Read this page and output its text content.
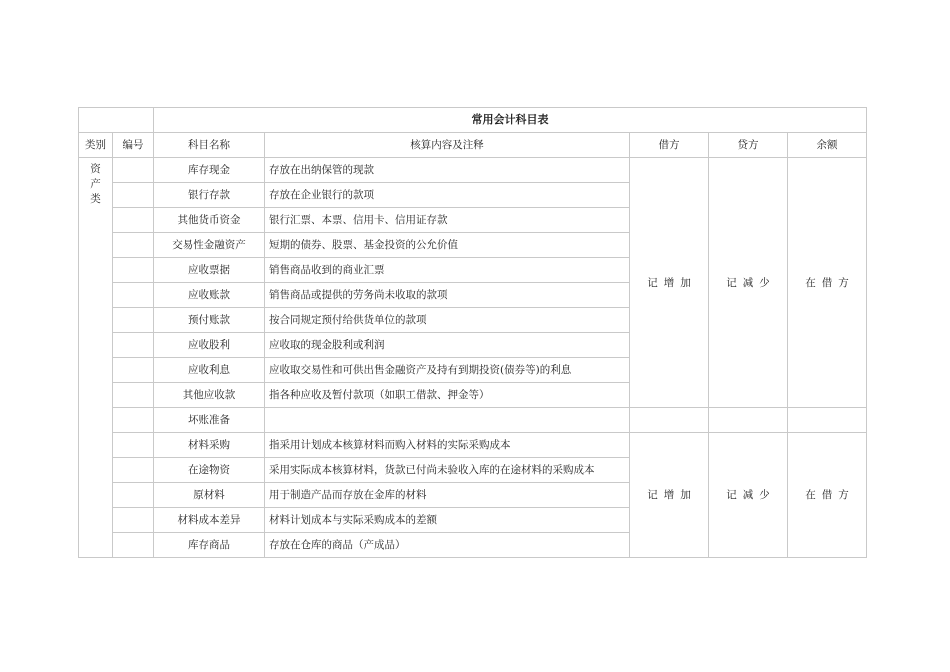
		常用会计科目表				
类别	编号	科目名称	核算内容及注释	借方	贷方	余额

资
产
类		库存现金	存放在出纳保管的现款	记增加	记减少	在借方
		银行存款	存放在企业银行的款项			
		其他货币资金	银行汇票、本票、信用卡、信用证存款			
		交易性金融资产	短期的债券、股票、基金投资的公允价值			
		应收票据	销售商品收到的商业汇票			
		应收账款	销售商品或提供的劳务尚未收取的款项			
		预付账款	按合同规定预付给供货单位的款项			
		应收股利	应收取的现金股利或利润			
		应收利息	应收取交易性和可供出售金融资产及持有到期投资(债券等)的利息			
		其他应收款	指各种应收及暂付款项（如职工借款、押金等）			
		坏账准备				
		材料采购	指采用计划成本核算材料而购入材料的实际采购成本	记增加	记减少	在借方
		在途物资	采用实际成本核算材料，货款已付尚未验收入库的在途材料的采购成本			
		原材料	用于制造产品而存放在金库的材料			
		材料成本差异	材料计划成本与实际采购成本的差额			
		库存商品	存放在仓库的商品（产成品）			
